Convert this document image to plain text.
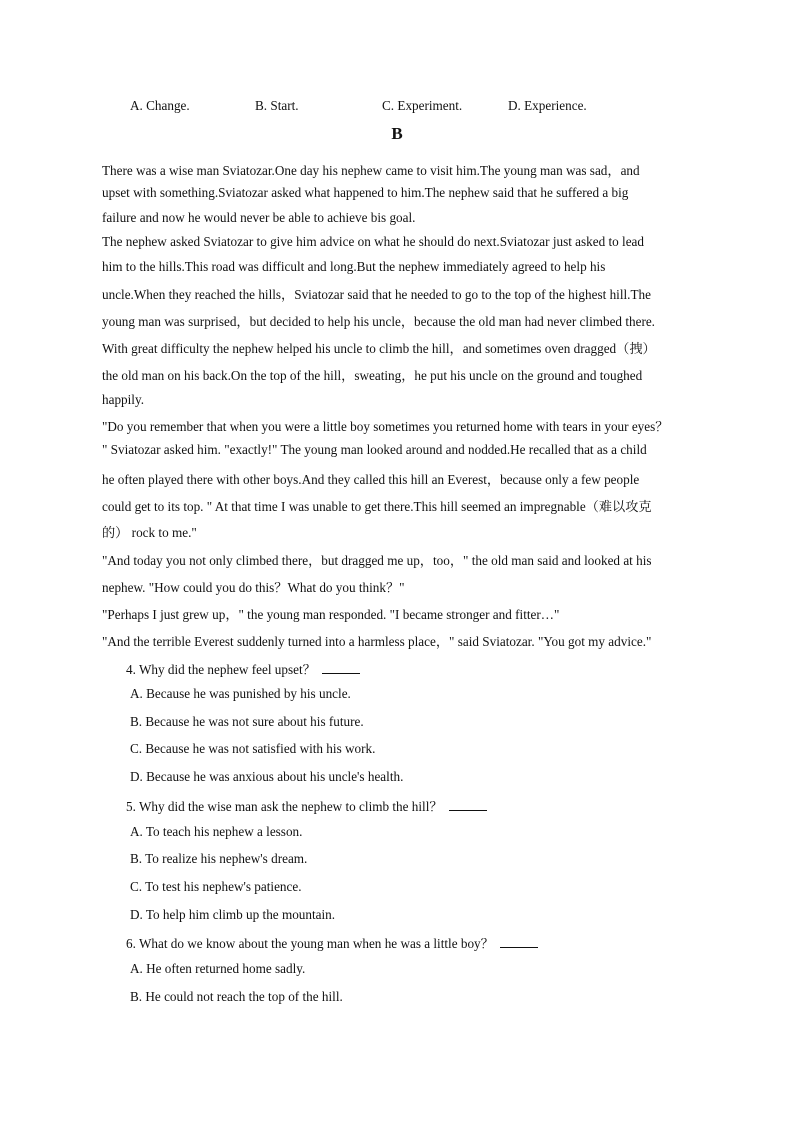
A. Change.	B. Start.	C. Experiment.	D. Experience.
B
There was a wise man Sviatozar.One day his nephew came to visit him.The young man was sad，and
upset with something.Sviatozar asked what happened to him.The nephew said that he suffered a big
failure and now he would never be able to achieve bis goal.
The nephew asked Sviatozar to give him advice on what he should do next.Sviatozar just asked to lead
him to the hills.This road was difficult and long.But the nephew immediately agreed to help his
uncle.When they reached the hills，Sviatozar said that he needed to go to the top of the highest hill.The
young man was surprised，but decided to help his uncle，because the old man had never climbed there.
With great difficulty the nephew helped his uncle to climb the hill，and sometimes oven dragged（拽）
the old man on his back.On the top of the hill，sweating，he put his uncle on the ground and toughed
happily.
"Do you remember that when you were a little boy sometimes you returned home with tears in your eyes？
" Sviatozar asked him. "exactly!" The young man looked around and nodded.He recalled that as a child
he often played there with other boys.And they called this hill an Everest，because only a few people
could get to its top. " At that time I was unable to get there.This hill seemed an impregnable（难以攻克
的） rock to me."
"And today you not only climbed there，but dragged me up，too，" the old man said and looked at his
nephew. "How could you do this？What do you think？"
"Perhaps I just grew up，" the young man responded. "I became stronger and fitter…"
"And the terrible Everest suddenly turned into a harmless place，" said Sviatozar. "You got my advice."
4. Why did the nephew feel upset？
A. Because he was punished by his uncle.
B. Because he was not sure about his future.
C. Because he was not satisfied with his work.
D. Because he was anxious about his uncle's health.
5. Why did the wise man ask the nephew to climb the hill？
A. To teach his nephew a lesson.
B. To realize his nephew's dream.
C. To test his nephew's patience.
D. To help him climb up the mountain.
6. What do we know about the young man when he was a little boy？
A. He often returned home sadly.
B. He could not reach the top of the hill.
